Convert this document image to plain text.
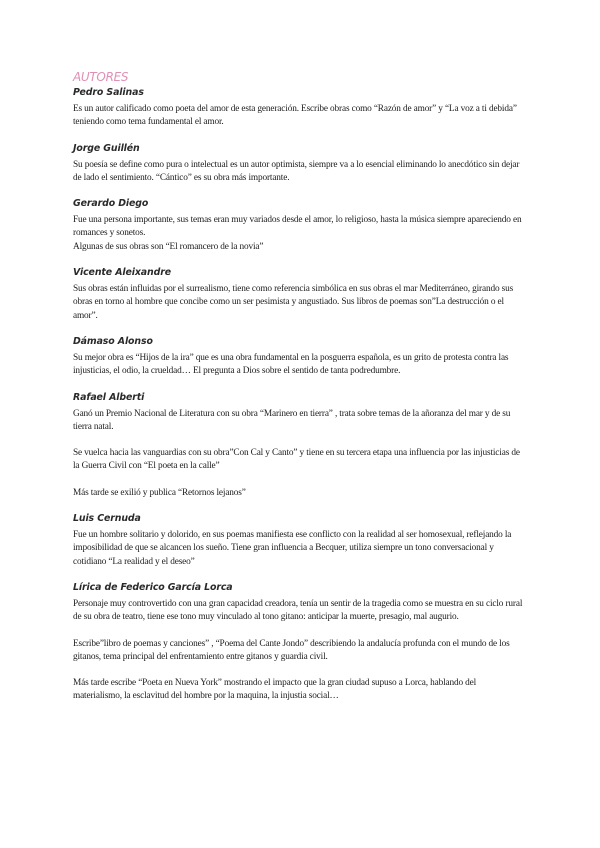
AUTORES
Pedro Salinas

Es un autor calificado como poeta del amor de esta generación. Escribe obras como “Razón de amor” y “La voz a ti debida” teniendo como tema fundamental el amor.

Jorge Guillén

Su poesía se define como pura o intelectual es un autor optimista, siempre va a lo esencial eliminando lo anecdótico sin dejar de lado el sentimiento. “Cántico” es su obra más importante.

Gerardo Diego

Fue una persona importante, sus temas eran muy variados desde el amor, lo religioso, hasta la música siempre apareciendo en romances y sonetos.

Algunas de sus obras son “El romancero de la novia”

Vicente Aleixandre

Sus obras están influidas por el surrealismo, tiene como referencia simbólica en sus obras el mar Mediterráneo, girando sus obras en torno al hombre que concibe como un ser pesimista y angustiado. Sus libros de poemas son”La destrucción o el amor”.

Dámaso Alonso

Su mejor obra es “Hijos de la ira” que es una obra fundamental en la posguerra española, es un grito de protesta contra las injusticias, el odio, la crueldad… El pregunta a Dios sobre el sentido de tanta podredumbre.

Rafael Alberti

Ganó un Premio Nacional de Literatura con su obra “Marinero en tierra” , trata sobre temas de la añoranza del mar y de su tierra natal.

Se vuelca hacia las vanguardias con su obra”Con Cal y Canto” y tiene en su tercera etapa una influencia por las injusticias de la Guerra Civil con “El poeta en la calle”

Más tarde se exilió y publica “Retornos lejanos”

Luis Cernuda

Fue un hombre solitario y dolorido, en sus poemas manifiesta ese conflicto con la realidad al ser homosexual, reflejando la imposibilidad de que se alcancen los sueño. Tiene gran influencia a Becquer, utiliza siempre un tono conversacional y cotidiano “La realidad y el deseo”

Lírica de Federico García Lorca

Personaje muy controvertido con una gran capacidad creadora, tenía un sentir de la tragedia como se muestra en su ciclo rural de su obra de teatro, tiene ese tono muy vinculado al tono gitano: anticipar la muerte, presagio, mal augurio.

Escribe”libro de poemas y canciones” , “Poema del Cante Jondo” describiendo la andalucía profunda con el mundo de los gitanos, tema principal del enfrentamiento entre gitanos y guardia civil.

Más tarde escribe “Poeta en Nueva York” mostrando el impacto que la gran ciudad supuso a Lorca, hablando del materialismo, la esclavitud del hombre por la maquina, la injustia social…
